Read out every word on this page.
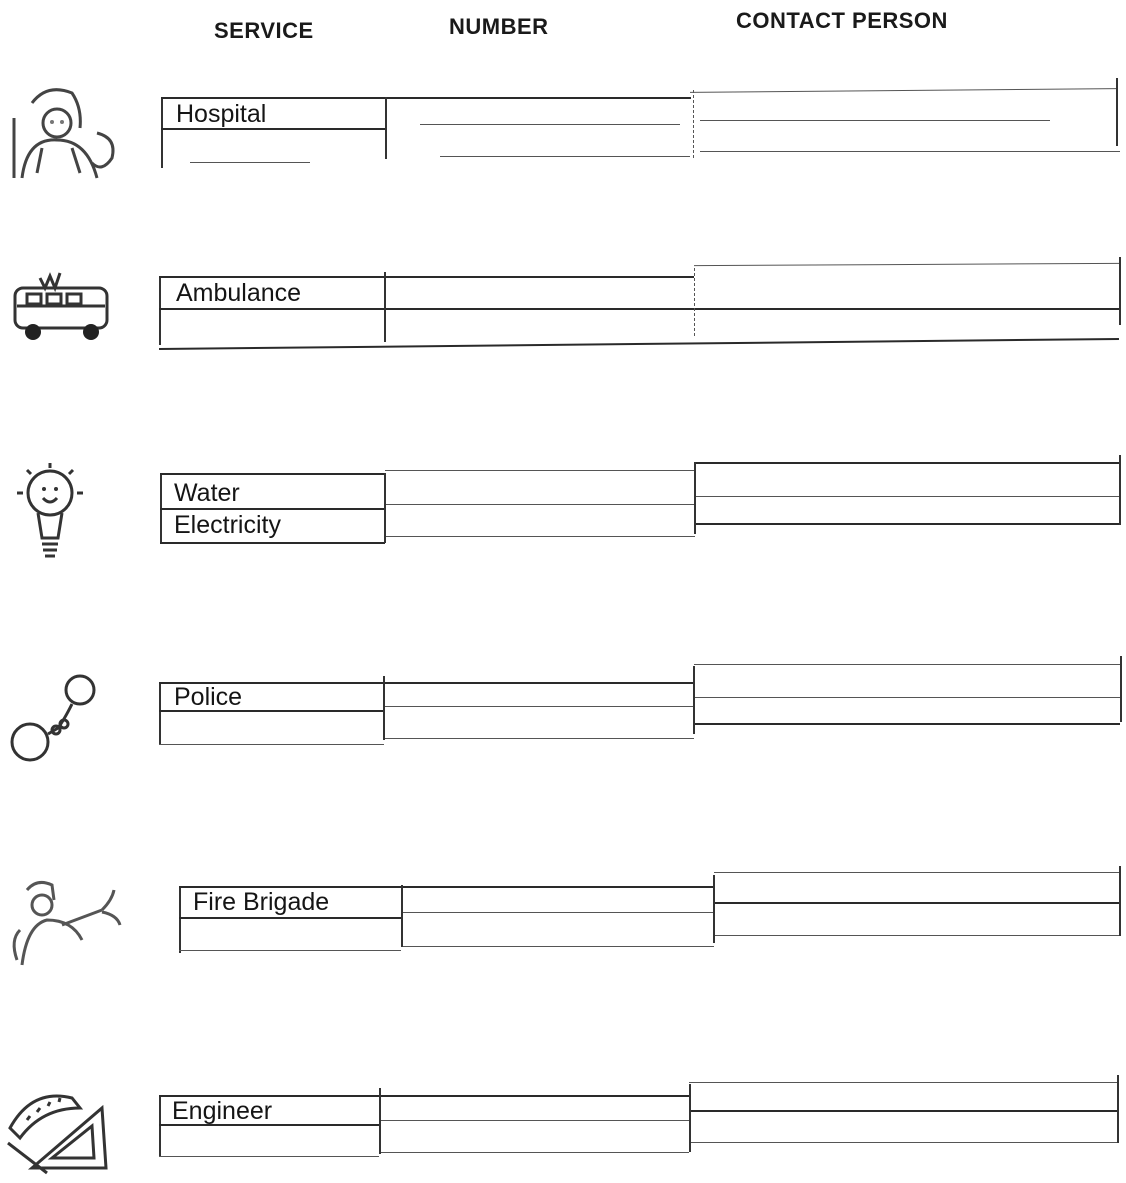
SERVICE	NUMBER	CONTACT PERSON
Hospital
Ambulance
Water
Electricity
Police
Fire Brigade
Engineer
